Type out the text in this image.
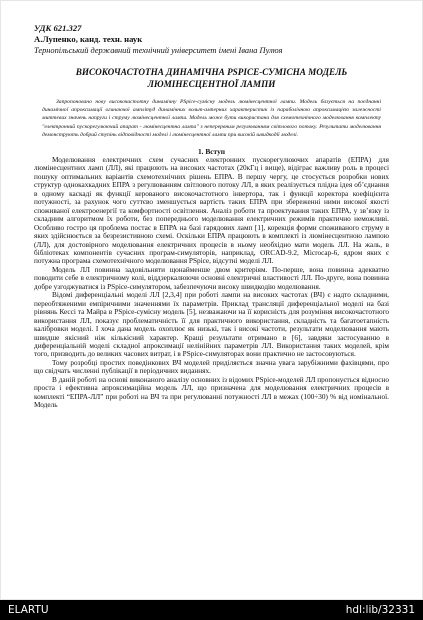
УДК 621.327
А.Лупенко, канд. техн. наук
Тернопільський державний технічний університет імені Івана Пулюя
ВИСОКОЧАСТОТНА ДИНАМІЧНА PSPICE-СУМІСНА МОДЕЛЬ ЛЮМІНЕСЦЕНТНОЇ ЛАМПИ
Запропоновано нову високочастотну динамічну PSpice-сумісну модель люмінесцентної лампи. Модель базується на поєднанні динамічної апроксимації огинаючої амплітуд динамічних вольт-амперних характеристик із параболічною апроксимацією залежності миттєвих значень напруги і струму люмінесцентної лампи. Модель може бути використана для схемотехнічного моделювання комплекту "електронний пускорегулюючий апарат - люмінесцентна лампа" з неперервним регулюванням світлового потоку. Результати моделювання демонструють добрий ступінь відповідності моделі і люмінесцентної лампи при високій швидкодії моделі.
1. Вступ

Моделювання електричних схем сучасних електронних пускорегулюючих апаратів (ЕПРА) для люмінесцентних ламп (ЛЛ), які працюють на високих частотах (20кГц і вище), відіграє важливу роль в процесі пошуку оптимальних варіантів схемотехнічних рішень ЕПРА. В першу чергу, це стосується розробки нових структур однокахкадних ЕПРА з регулюванням світлового потоку ЛЛ, в яких реалізується плідна ідея об’єднання в одному каскаді як функції керованого високочастотного інвертора, так і функції коректора коефіцієнта потужності, за рахунок чого суттєво зменшується вартість таких ЕПРА при збереженні ними високої якості споживаної електроенергії та комфортності освітлення. Аналіз роботи та проектування таких ЕПРА, у зв’язку із складним алгоритмом їх роботи, без попереднього моделювання електричних режимів практично неможливі. Особливо гостро ця проблема постає в ЕПРА на базі гарядових ламп [1], корекція форми споживаного струму в яких здійснюється за безрезистивною схемі. Оскільки ЕПРА працюють в комплекті із люмінесцентною лампою (ЛЛ), для достовірного моделювання електричних процесів в ньому необхідно мати модель ЛЛ. На жаль, в бібліотеках компонентів сучасних програм-симуляторів, наприклад, ORCAD-9.2, Microcap-6, ядром яких є потужна програма схемотехнічного моделювання PSpice, відсутні моделі ЛЛ.

Модель ЛЛ повинна задовільняти щонайменше двом критеріям. По-перше, вона повинна адекватно поводити себе в електричному колі, віддзеркалюючи основні електричні властивості ЛЛ. По-друге, вона повинна добре узгоджуватися із PSpice-симулятором, забезпечуючи високу швидкодію моделювання.

Відомі диференціальні моделі ЛЛ [2,3,4] при роботі лампи на високих частотах (ВЧ) є надто складними, переобтяженими емпіричними значеннями їх параметрів. Приклад трансляції диференціальної моделі на базі рівнянь Кессі та Майра в PSpice-сумісну модель [5], незважаючи на її корисність для розуміння високочастотного використання ЛЛ, показує проблематичність її для практичного використання, складність та багатоетапність калібровки моделі. І хоча дана модель охоплює як низькі, так і високі частоти, результати моделювання мають швидше якісний ніж кількісний характер. Кращі результати отримано в [6], завдяки застосуванню в диференціальній моделі складної апроксимації нелінійних параметрів ЛЛ. Використання таких моделей, крім того, призводить до великих часових витрат, і в PSpice-симуляторах вони практично не застосовуються.

Тому розробці простих поведінкових ВЧ моделей приділяється значна увага зарубіжними фахівцями, про що свідчать численні публікації в періодичних виданнях.

В даній роботі на основі виконаного аналізу основних із відомих PSpice-моделей ЛЛ пропонується відносно проста і ефективна апроксимаційна модель ЛЛ, що призначена для моделювання електричних процесів в комплекті “ЕПРА-ЛЛ” при роботі на ВЧ та при регулюванні потужності ЛЛ в межах (100÷30) % від номінальної. Модель

ELARTU	hdl:lib/32331
